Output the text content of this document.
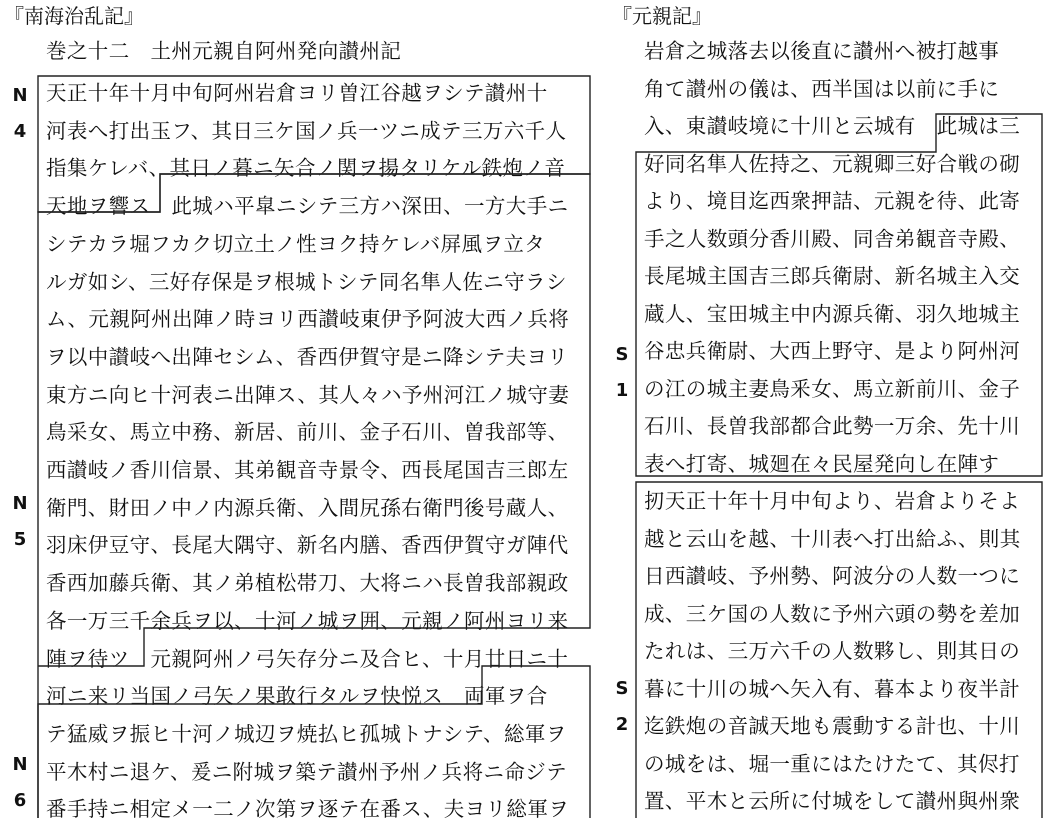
『南海治乱記』
巻之十二　土州元親自阿州発向讃州記
天正十年十月中旬阿州岩倉ヨリ曽江谷越ヲシテ讃州十
河表へ打出玉フ、其日三ケ国ノ兵一ツニ成テ三万六千人
指集ケレバ、其日ノ暮ニ矢合ノ関ヲ揚タリケル鉄炮ノ音
天地ヲ響ス　此城ハ平皐ニシテ三方ハ深田、一方大手ニ
シテカラ堀フカク切立土ノ性ヨク持ケレバ屏風ヲ立タ
ルガ如シ、三好存保是ヲ根城トシテ同名隼人佐ニ守ラシ
ム、元親阿州出陣ノ時ヨリ西讃岐東伊予阿波大西ノ兵将
ヲ以中讃岐へ出陣セシム、香西伊賀守是ニ降シテ夫ヨリ
東方ニ向ヒ十河表ニ出陣ス、其人々ハ予州河江ノ城守妻
鳥采女、馬立中務、新居、前川、金子石川、曽我部等、
西讃岐ノ香川信景、其弟観音寺景令、西長尾国吉三郎左
衛門、財田ノ中ノ内源兵衛、入間尻孫右衛門後号蔵人、
羽床伊豆守、長尾大隅守、新名内膳、香西伊賀守ガ陣代
香西加藤兵衛、其ノ弟植松帯刀、大将ニハ長曽我部親政
各一万三千余兵ヲ以、十河ノ城ヲ囲、元親ノ阿州ヨリ来
陣ヲ待ツ　元親阿州ノ弓矢存分ニ及合ヒ、十月廿日ニ十
河ニ来リ当国ノ弓矢ノ果敢行タルヲ快悦ス　両軍ヲ合
テ猛威ヲ振ヒ十河ノ城辺ヲ焼払ヒ孤城トナシテ、総軍ヲ
平木村ニ退ケ、爰ニ附城ヲ築テ讃州予州ノ兵将ニ命ジテ
番手持ニ相定メ一二ノ次第ヲ逐テ在番ス、夫ヨリ総軍ヲ
N
4
N
5
N
6
『元親記』
岩倉之城落去以後直に讃州へ被打越事
角て讃州の儀は、西半国は以前に手に
入、東讃岐境に十川と云城有　此城は三
好同名隼人佐持之、元親卿三好合戦の砌
より、境目迄西衆押詰、元親を待、此寄
手之人数頭分香川殿、同舎弟観音寺殿、
長尾城主国吉三郎兵衛尉、新名城主入交
蔵人、宝田城主中内源兵衛、羽久地城主
谷忠兵衛尉、大西上野守、是より阿州河
の江の城主妻鳥釆女、馬立新前川、金子
石川、長曽我部都合此勢一万余、先十川
表へ打寄、城廻在々民屋発向し在陣す
扨天正十年十月中旬より、岩倉よりそよ
越と云山を越、十川表へ打出給ふ、則其
日西讃岐、予州勢、阿波分の人数一つに
成、三ケ国の人数に予州六頭の勢を差加
たれは、三万六千の人数夥し、則其日の
暮に十川の城へ矢入有、暮本より夜半計
迄鉄炮の音誠天地も震動する計也、十川
の城をは、堀一重にはたけたて、其侭打
置、平木と云所に付城をして讃州與州衆
S
1
S
2
